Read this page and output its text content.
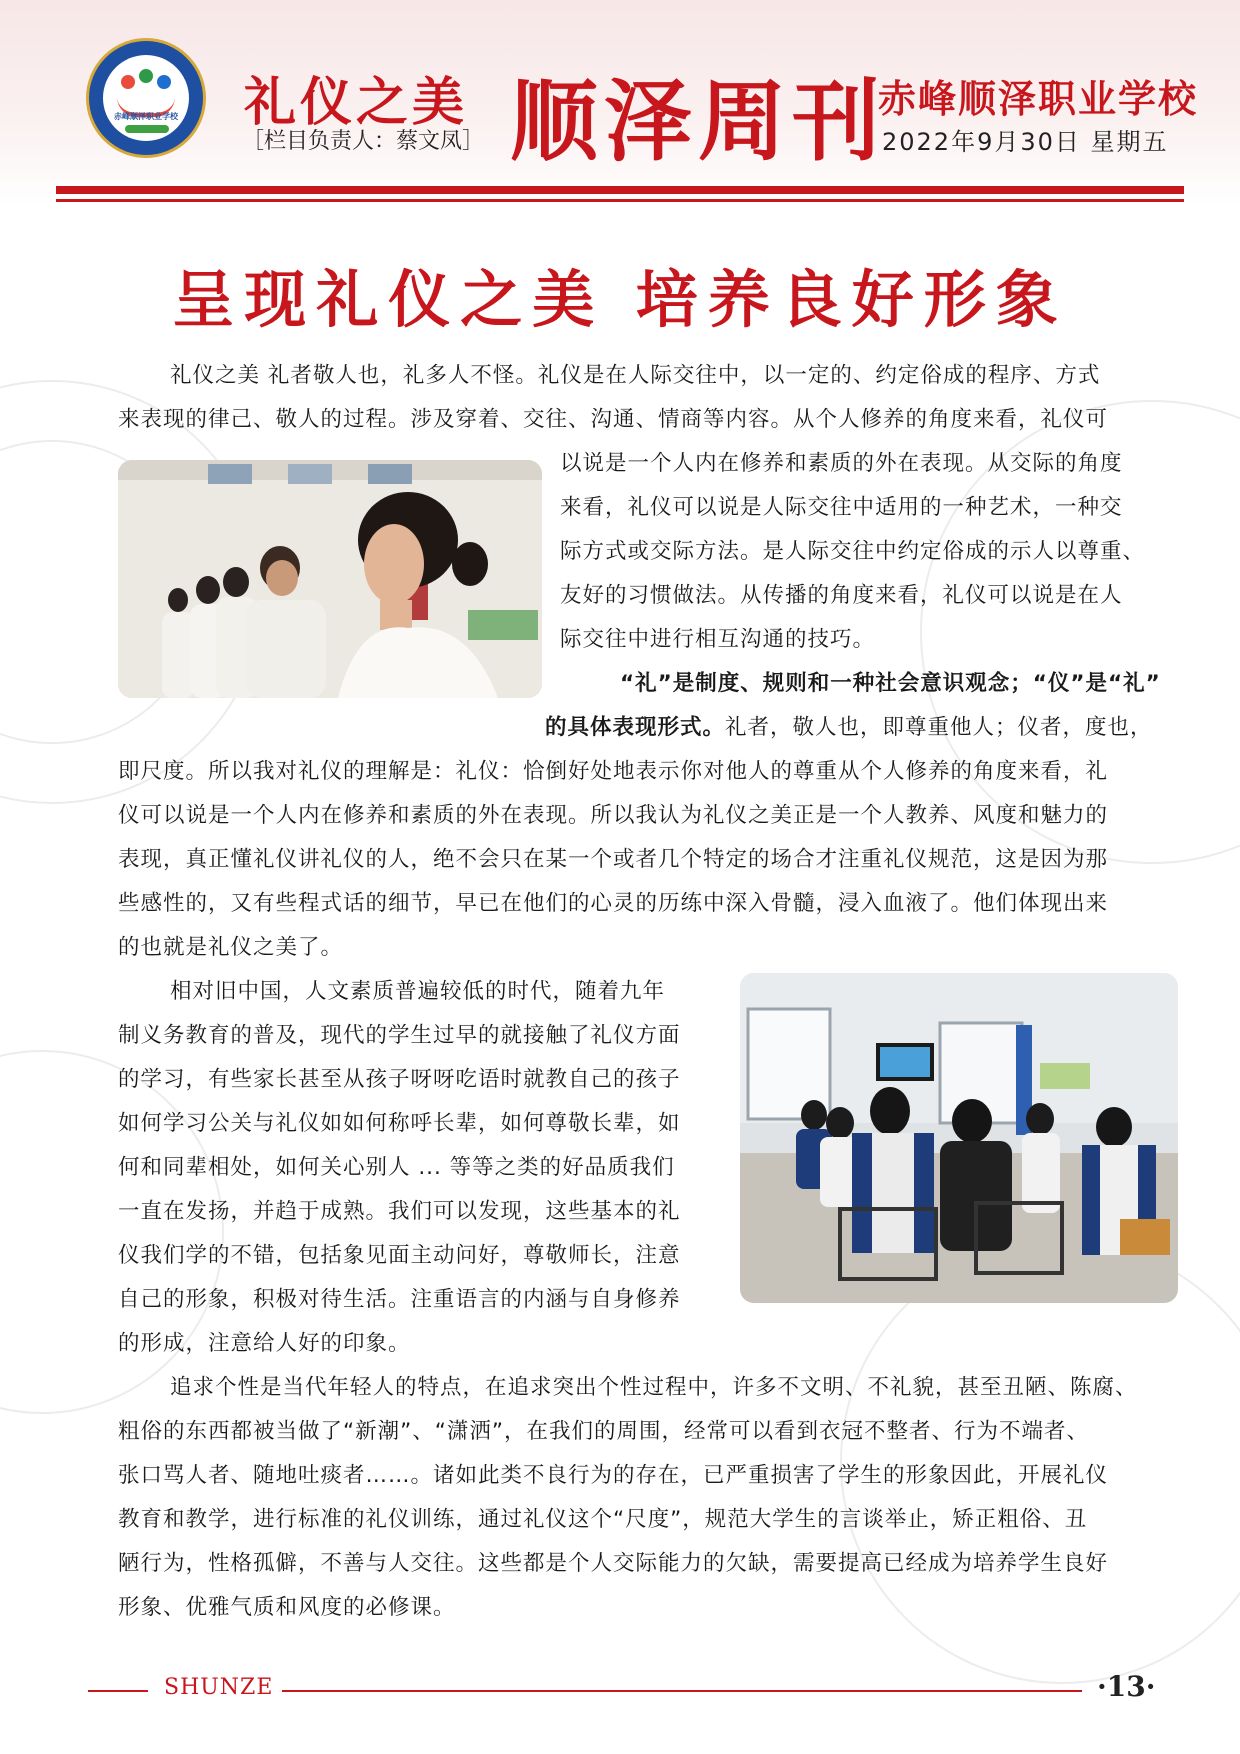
赤峰顺泽职业学校 礼仪之美
［栏目负责人：蔡文凤］ 顺泽周刊
赤峰顺泽职业学校
2022年9月30日 星期五
呈现礼仪之美 培养良好形象
礼仪之美 礼者敬人也，礼多人不怪。礼仪是在人际交往中，以一定的、约定俗成的程序、方式
来表现的律己、敬人的过程。涉及穿着、交往、沟通、情商等内容。从个人修养的角度来看，礼仪可
以说是一个人内在修养和素质的外在表现。从交际的角度
来看，礼仪可以说是人际交往中适用的一种艺术，一种交
际方式或交际方法。是人际交往中约定俗成的示人以尊重、
友好的习惯做法。从传播的角度来看，礼仪可以说是在人
际交往中进行相互沟通的技巧。
“礼”是制度、规则和一种社会意识观念；“仪”是“礼”
的具体表现形式。礼者，敬人也，即尊重他人；仪者，度也，
即尺度。所以我对礼仪的理解是：礼仪：恰倒好处地表示你对他人的尊重从个人修养的角度来看，礼
仪可以说是一个人内在修养和素质的外在表现。所以我认为礼仪之美正是一个人教养、风度和魅力的
表现，真正懂礼仪讲礼仪的人，绝不会只在某一个或者几个特定的场合才注重礼仪规范，这是因为那
些感性的，又有些程式话的细节，早已在他们的心灵的历练中深入骨髓，浸入血液了。他们体现出来
的也就是礼仪之美了。
相对旧中国，人文素质普遍较低的时代，随着九年
制义务教育的普及，现代的学生过早的就接触了礼仪方面
的学习，有些家长甚至从孩子呀呀吃语时就教自己的孩子
如何学习公关与礼仪如如何称呼长辈，如何尊敬长辈，如
何和同辈相处，如何关心别人 ... 等等之类的好品质我们
一直在发扬，并趋于成熟。我们可以发现，这些基本的礼
仪我们学的不错，包括象见面主动问好，尊敬师长，注意
自己的形象，积极对待生活。注重语言的内涵与自身修养
的形成，注意给人好的印象。
追求个性是当代年轻人的特点，在追求突出个性过程中，许多不文明、不礼貌，甚至丑陋、陈腐、
粗俗的东西都被当做了“新潮”、“潇洒”，在我们的周围，经常可以看到衣冠不整者、行为不端者、
张口骂人者、随地吐痰者……。诸如此类不良行为的存在，已严重损害了学生的形象因此，开展礼仪
教育和教学，进行标准的礼仪训练，通过礼仪这个“尺度”，规范大学生的言谈举止，矫正粗俗、丑
陋行为，性格孤僻，不善与人交往。这些都是个人交际能力的欠缺，需要提高已经成为培养学生良好
形象、优雅气质和风度的必修课。
SHUNZE	·13·
